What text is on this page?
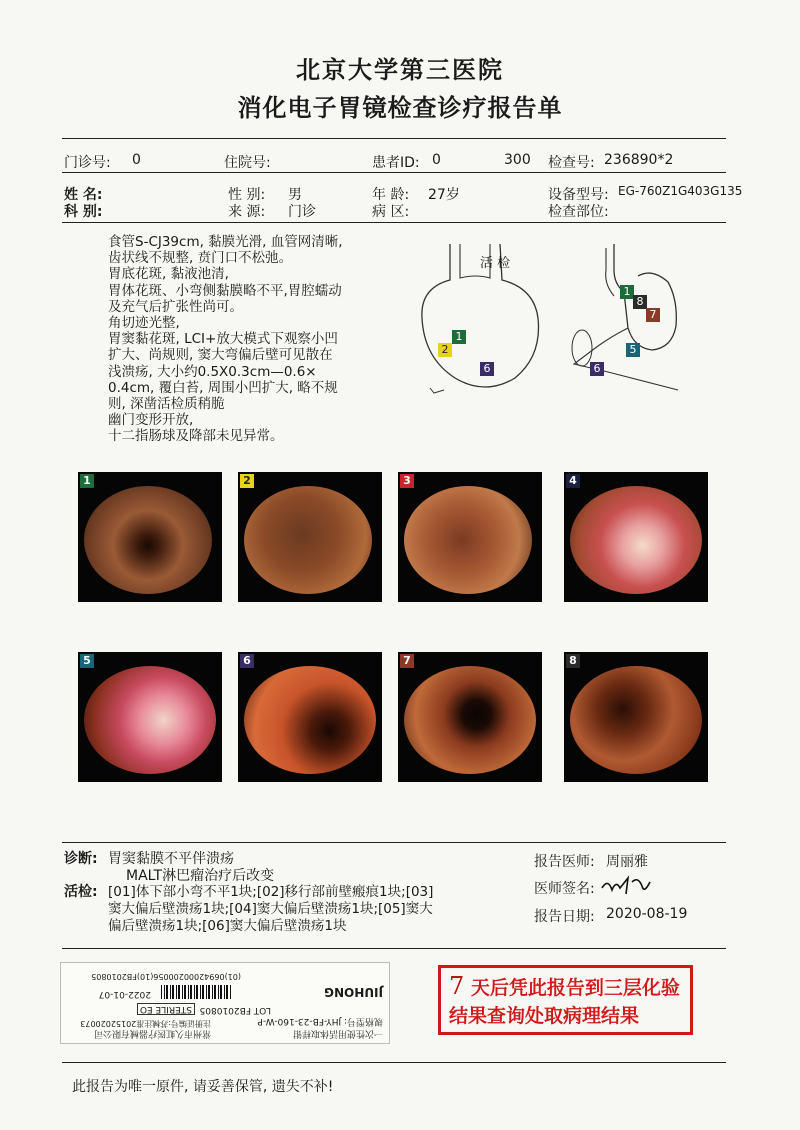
北京大学第三医院
消化电子胃镜检查诊疗报告单
门诊号: 0	住院号:	患者ID: 0	300 检查号: 236890*2
姓 名:	性 别: 男	年 龄: 27岁	设备型号: EG-760Z1G403G135
科 别:	来 源: 门诊	病 区:	检查部位:
食管S-CJ39cm, 黏膜光滑, 血管网清晰,
齿状线不规整, 贲门口不松弛。
胃底花斑, 黏液池清,
胃体花斑、小弯侧黏膜略不平,胃腔蠕动
及充气后扩张性尚可。
角切迹光整,
胃窦黏花斑, LCI+放大模式下观察小凹
扩大、尚规则, 窦大弯偏后壁可见散在
浅溃疡, 大小约0.5X0.3cm—0.6×
0.4cm, 覆白苔, 周围小凹扩大, 略不规
则, 深凿活检质稍脆
幽门变形开放,
十二指肠球及降部未见异常。
活 检
1
2
6
1
8
7
5
6
1	2	3	4
5	6	7	8
诊断: 胃窦黏膜不平伴溃疡
MALT淋巴瘤治疗后改变
活检: [01]体下部小弯不平1块;[02]移行部前壁瘢痕1块;[03]
窦大偏后壁溃疡1块;[04]窦大偏后壁溃疡1块;[05]窦大
偏后壁溃疡1块;[06]窦大偏后壁溃疡1块
报告医师: 周丽雅
医师签名:
报告日期: 2020-08-19
一次性使用活体取样钳
规格型号: JHY-FB-23-160-W-P
LOT
FB2010805
STERILE EO
2022-01-07
(01)06942000200056(10)FB2010805
常州市久虹医疗器械有限公司
注册证编号:苏械注准20152020073
JIUHONG	7 天后凭此报告到三层化验结果查询处取病理结果
此报告为唯一原件, 请妥善保管, 遗失不补!
